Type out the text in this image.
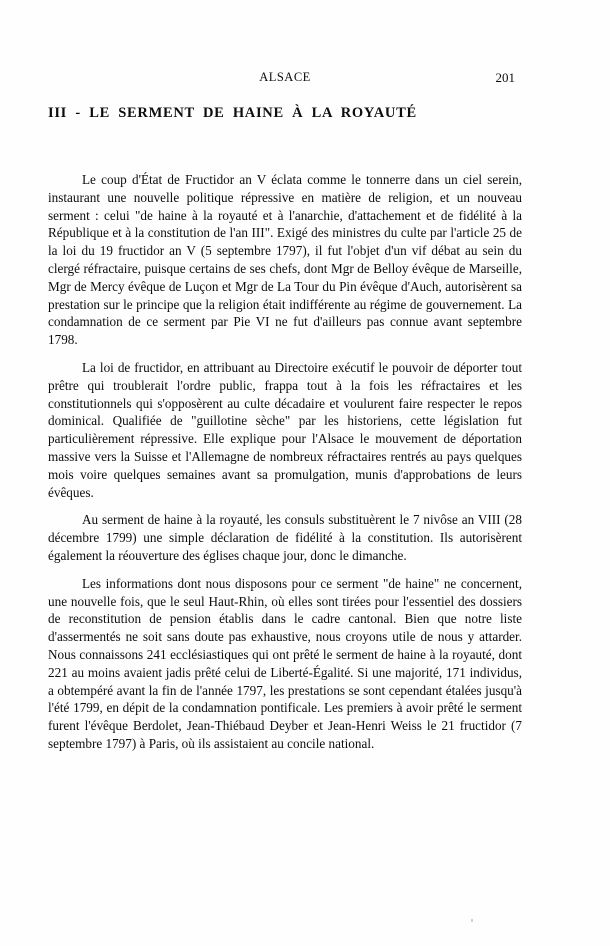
ALSACE	201
III - LE SERMENT DE HAINE À LA ROYAUTÉ

Le coup d'État de Fructidor an V éclata comme le tonnerre dans un ciel serein, instaurant une nouvelle politique répressive en matière de religion, et un nouveau serment : celui "de haine à la royauté et à l'anarchie, d'attachement et de fidélité à la République et à la constitution de l'an III". Exigé des ministres du culte par l'article 25 de la loi du 19 fructidor an V (5 septembre 1797), il fut l'objet d'un vif débat au sein du clergé réfractaire, puisque certains de ses chefs, dont Mgr de Belloy évêque de Marseille, Mgr de Mercy évêque de Luçon et Mgr de La Tour du Pin évêque d'Auch, autorisèrent sa prestation sur le principe que la religion était indifférente au régime de gouvernement. La condamnation de ce serment par Pie VI ne fut d'ailleurs pas connue avant septembre 1798.

La loi de fructidor, en attribuant au Directoire exécutif le pouvoir de déporter tout prêtre qui troublerait l'ordre public, frappa tout à la fois les réfractaires et les constitutionnels qui s'opposèrent au culte décadaire et voulurent faire respecter le repos dominical. Qualifiée de "guillotine sèche" par les historiens, cette législation fut particulièrement répressive. Elle explique pour l'Alsace le mouvement de déportation massive vers la Suisse et l'Allemagne de nombreux réfractaires rentrés au pays quelques mois voire quelques semaines avant sa promulgation, munis d'approbations de leurs évêques.

Au serment de haine à la royauté, les consuls substituèrent le 7 nivôse an VIII (28 décembre 1799) une simple déclaration de fidélité à la constitution. Ils autorisèrent également la réouverture des églises chaque jour, donc le dimanche.

Les informations dont nous disposons pour ce serment "de haine" ne concernent, une nouvelle fois, que le seul Haut-Rhin, où elles sont tirées pour l'essentiel des dossiers de reconstitution de pension établis dans le cadre cantonal. Bien que notre liste d'assermentés ne soit sans doute pas exhaustive, nous croyons utile de nous y attarder. Nous connaissons 241 ecclésiastiques qui ont prêté le serment de haine à la royauté, dont 221 au moins avaient jadis prêté celui de Liberté-Égalité. Si une majorité, 171 individus, a obtempéré avant la fin de l'année 1797, les prestations se sont cependant étalées jusqu'à l'été 1799, en dépit de la condamnation pontificale. Les premiers à avoir prêté le serment furent l'évêque Berdolet, Jean-Thiébaud Deyber et Jean-Henri Weiss le 21 fructidor (7 septembre 1797) à Paris, où ils assistaient au concile national.
